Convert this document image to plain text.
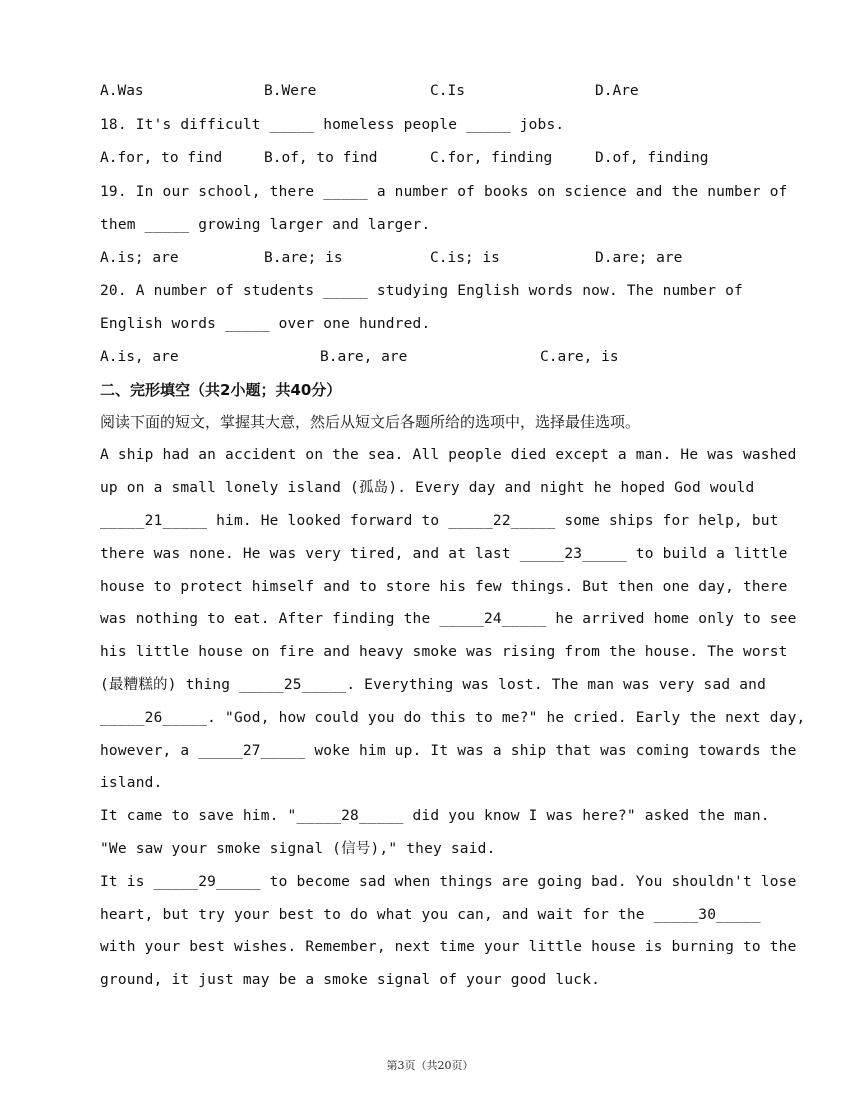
A.Was	B.Were	C.Is	D.Are
18. It's difficult _____ homeless people _____ jobs.
A.for, to find	B.of, to find	C.for, finding	D.of, finding
19. In our school, there _____ a number of books on science and the number of
them _____ growing larger and larger.
A.is; are	B.are; is	C.is; is	D.are; are
20. A number of students _____ studying English words now. The number of
English words _____ over one hundred.
A.is, are	B.are, are	C.are, is
二、完形填空（共2小题；共40分）
阅读下面的短文，掌握其大意，然后从短文后各题所给的选项中，选择最佳选项。
A ship had an accident on the sea. All people died except a man. He was washed
up on a small lonely island (孤岛). Every day and night he hoped God would
_____21_____ him. He looked forward to _____22_____ some ships for help, but
there was none. He was very tired, and at last _____23_____ to build a little
house to protect himself and to store his few things. But then one day, there
was nothing to eat. After finding the _____24_____ he arrived home only to see
his little house on fire and heavy smoke was rising from the house. The worst
(最糟糕的) thing _____25_____. Everything was lost. The man was very sad and
_____26_____. "God, how could you do this to me?" he cried. Early the next day,
however, a _____27_____ woke him up. It was a ship that was coming towards the
island.
It came to save him. "_____28_____ did you know I was here?" asked the man.
"We saw your smoke signal (信号)," they said.
It is _____29_____ to become sad when things are going bad. You shouldn't lose
heart, but try your best to do what you can, and wait for the _____30_____
with your best wishes. Remember, next time your little house is burning to the
ground, it just may be a smoke signal of your good luck.
第3页（共20页）
